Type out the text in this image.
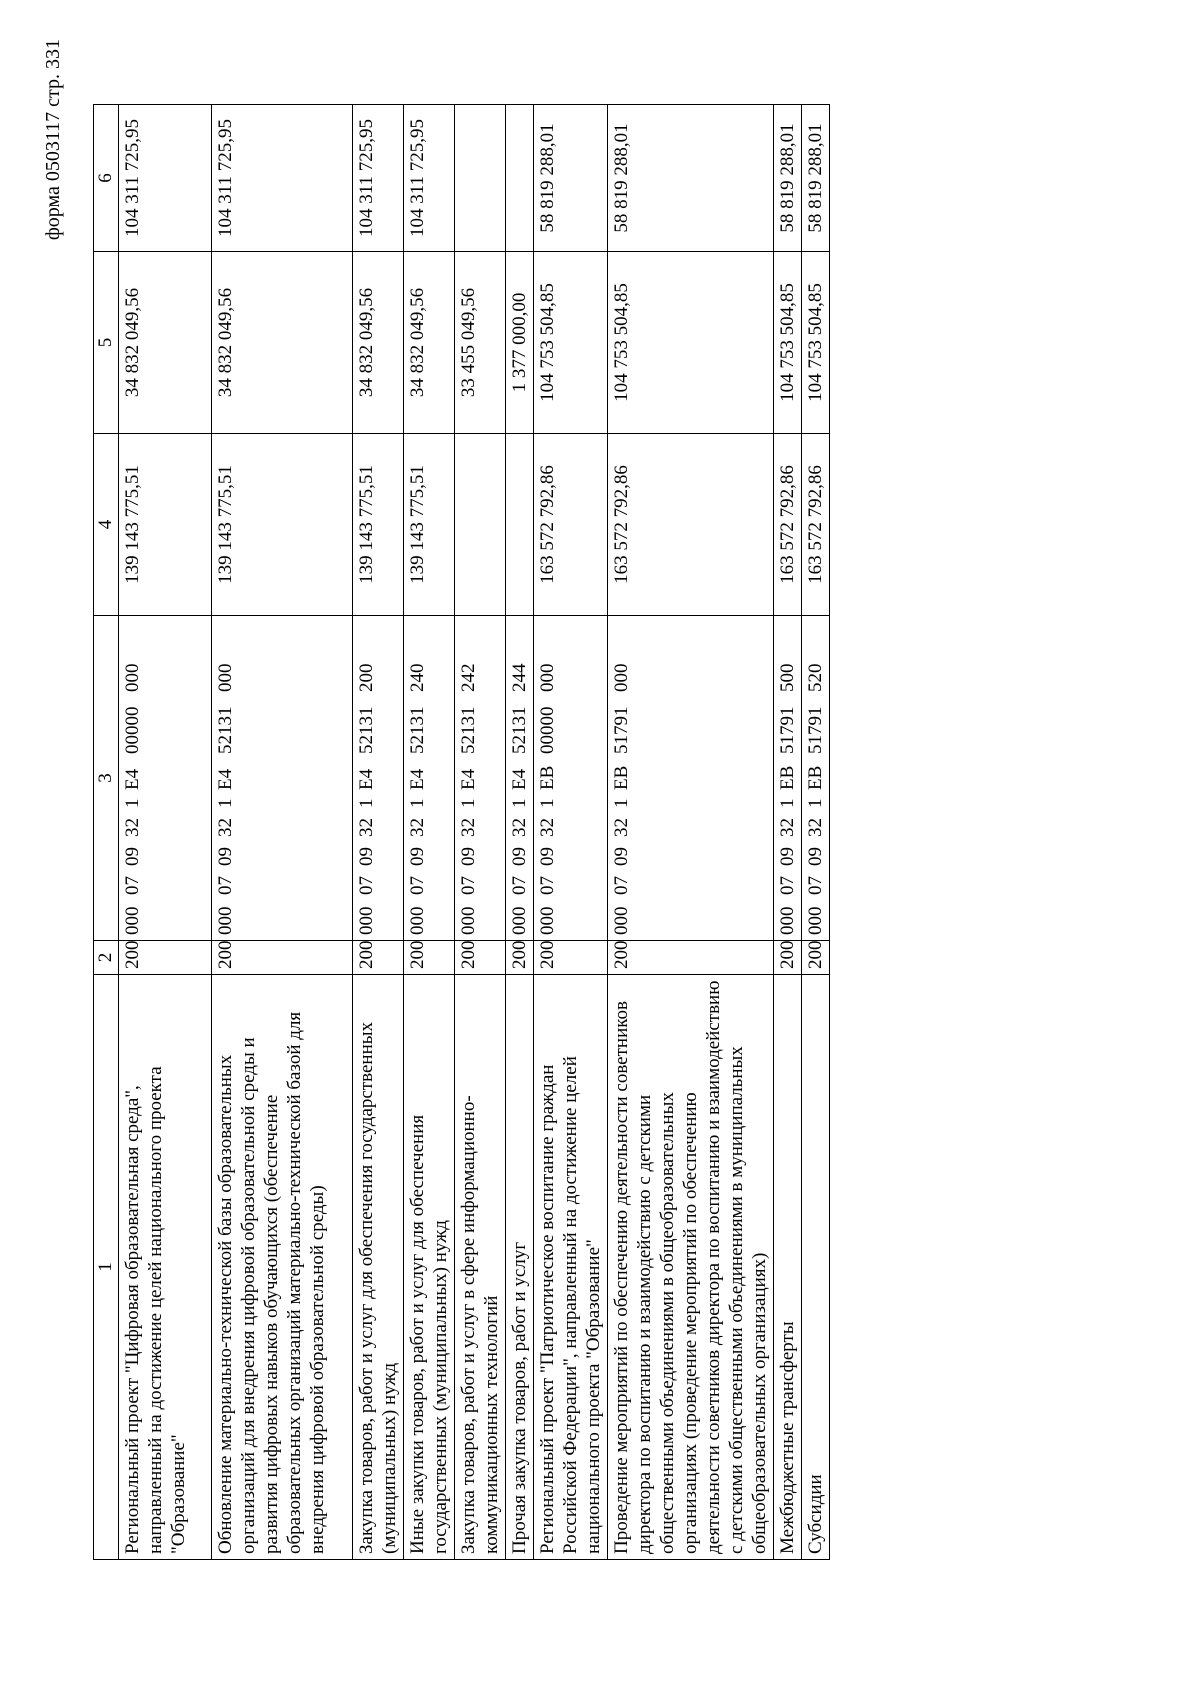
форма 0503117 стр. 331
1	2	3	4	5	6
Региональный проект "Цифровая образовательная среда", направленный на достижение целей национального проекта "Образование"	200	0000709321Е400000000	139 143 775,51	34 832 049,56	104 311 725,95
Обновление материально-технической базы образовательных организаций для внедрения цифровой образовательной среды и развития цифровых навыков обучающихся (обеспечение образовательных организаций материально-технической базой для внедрения цифровой образовательной среды)	200	0000709321Е452131000	139 143 775,51	34 832 049,56	104 311 725,95
Закупка товаров, работ и услуг для обеспечения государственных (муниципальных) нужд	200	0000709321Е452131200	139 143 775,51	34 832 049,56	104 311 725,95
Иные закупки товаров, работ и услуг для обеспечения государственных (муниципальных) нужд	200	0000709321Е452131240	139 143 775,51	34 832 049,56	104 311 725,95
Закупка товаров, работ и услуг в сфере информационно-коммуникационных технологий	200	0000709321Е452131242		33 455 049,56	
Прочая закупка товаров, работ и услуг	200	0000709321Е452131244		1 377 000,00	
Региональный проект "Патриотическое воспитание граждан Российской Федерации", направленный на достижение целей национального проекта "Образование"	200	0000709321ЕВ00000000	163 572 792,86	104 753 504,85	58 819 288,01
Проведение мероприятий по обеспечению деятельности советников директора по воспитанию и взаимодействию с детскими общественными объединениями в общеобразовательных организациях (проведение мероприятий по обеспечению деятельности советников директора по воспитанию и взаимодействию с детскими общественными объединениями в муниципальных общеобразовательных организациях)	200	0000709321ЕВ51791000	163 572 792,86	104 753 504,85	58 819 288,01
Межбюджетные трансферты	200	0000709321ЕВ51791500	163 572 792,86	104 753 504,85	58 819 288,01
Субсидии	200	0000709321ЕВ51791520	163 572 792,86	104 753 504,85	58 819 288,01
